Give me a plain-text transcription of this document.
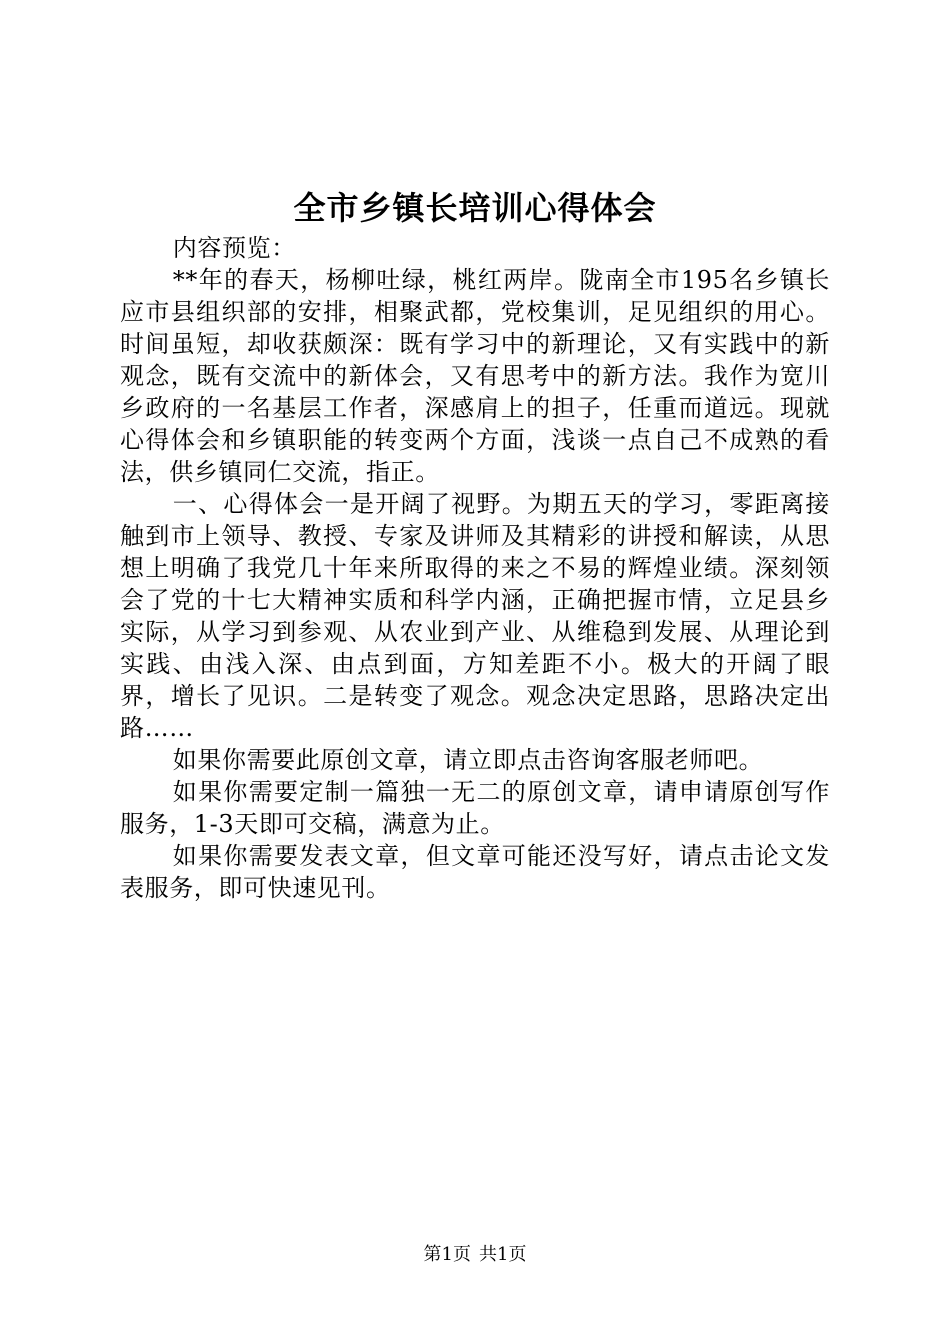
全市乡镇长培训心得体会

内容预览：

**年的春天，杨柳吐绿，桃红两岸。陇南全市195名乡镇长应市县组织部的安排，相聚武都，党校集训，足见组织的用心。时间虽短，却收获颇深：既有学习中的新理论，又有实践中的新观念，既有交流中的新体会，又有思考中的新方法。我作为宽川乡政府的一名基层工作者，深感肩上的担子，任重而道远。现就心得体会和乡镇职能的转变两个方面，浅谈一点自己不成熟的看法，供乡镇同仁交流，指正。

一、心得体会一是开阔了视野。为期五天的学习，零距离接触到市上领导、教授、专家及讲师及其精彩的讲授和解读，从思想上明确了我党几十年来所取得的来之不易的辉煌业绩。深刻领会了党的十七大精神实质和科学内涵，正确把握市情，立足县乡实际，从学习到参观、从农业到产业、从维稳到发展、从理论到实践、由浅入深、由点到面，方知差距不小。极大的开阔了眼界，增长了见识。二是转变了观念。观念决定思路，思路决定出路……

如果你需要此原创文章，请立即点击咨询客服老师吧。

如果你需要定制一篇独一无二的原创文章，请申请原创写作服务，1-3天即可交稿，满意为止。

如果你需要发表文章，但文章可能还没写好，请点击论文发表服务，即可快速见刊。

第1页 共1页
